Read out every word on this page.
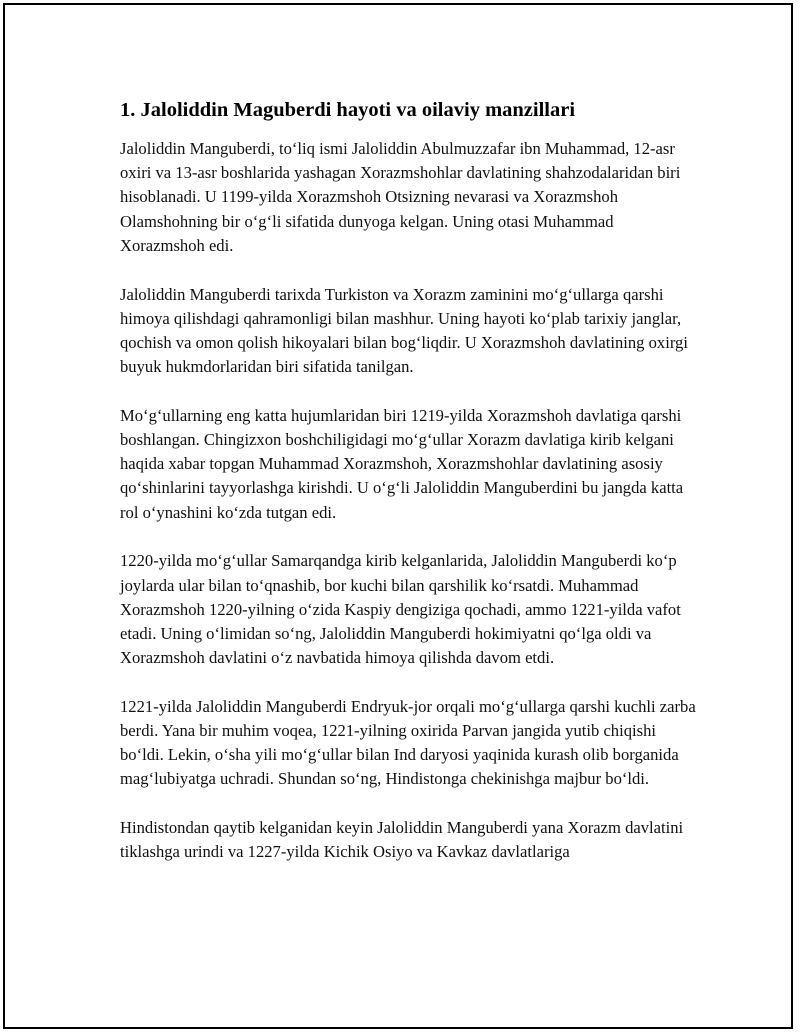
1. Jaloliddin Maguberdi hayoti va oilaviy manzillari

Jaloliddin Manguberdi, to‘liq ismi Jaloliddin Abulmuzzafar ibn Muhammad, 12-asr oxiri va 13-asr boshlarida yashagan Xorazmshohlar davlatining shahzodalaridan biri hisoblanadi. U 1199-yilda Xorazmshoh Otsizning nevarasi va Xorazmshoh Olamshohning bir o‘g‘li sifatida dunyoga kelgan. Uning otasi Muhammad Xorazmshoh edi.

Jaloliddin Manguberdi tarixda Turkiston va Xorazm zaminini mo‘g‘ullarga qarshi himoya qilishdagi qahramonligi bilan mashhur. Uning hayoti ko‘plab tarixiy janglar, qochish va omon qolish hikoyalari bilan bog‘liqdir. U Xorazmshoh davlatining oxirgi buyuk hukmdorlaridan biri sifatida tanilgan.

Mo‘g‘ullarning eng katta hujumlaridan biri 1219-yilda Xorazmshoh davlatiga qarshi boshlangan. Chingizxon boshchiligidagi mo‘g‘ullar Xorazm davlatiga kirib kelgani haqida xabar topgan Muhammad Xorazmshoh, Xorazmshohlar davlatining asosiy qo‘shinlarini tayyorlashga kirishdi. U o‘g‘li Jaloliddin Manguberdini bu jangda katta rol o‘ynashini ko‘zda tutgan edi.

1220-yilda mo‘g‘ullar Samarqandga kirib kelganlarida, Jaloliddin Manguberdi ko‘p joylarda ular bilan to‘qnashib, bor kuchi bilan qarshilik ko‘rsatdi. Muhammad Xorazmshoh 1220-yilning o‘zida Kaspiy dengiziga qochadi, ammo 1221-yilda vafot etadi. Uning o‘limidan so‘ng, Jaloliddin Manguberdi hokimiyatni qo‘lga oldi va Xorazmshoh davlatini o‘z navbatida himoya qilishda davom etdi.

1221-yilda Jaloliddin Manguberdi Endryuk-jor orqali mo‘g‘ullarga qarshi kuchli zarba berdi. Yana bir muhim voqea, 1221-yilning oxirida Parvan jangida yutib chiqishi bo‘ldi. Lekin, o‘sha yili mo‘g‘ullar bilan Ind daryosi yaqinida kurash olib borganida mag‘lubiyatga uchradi. Shundan so‘ng, Hindistonga chekinishga majbur bo‘ldi.

Hindistondan qaytib kelganidan keyin Jaloliddin Manguberdi yana Xorazm davlatini tiklashga urindi va 1227-yilda Kichik Osiyo va Kavkaz davlatlariga
